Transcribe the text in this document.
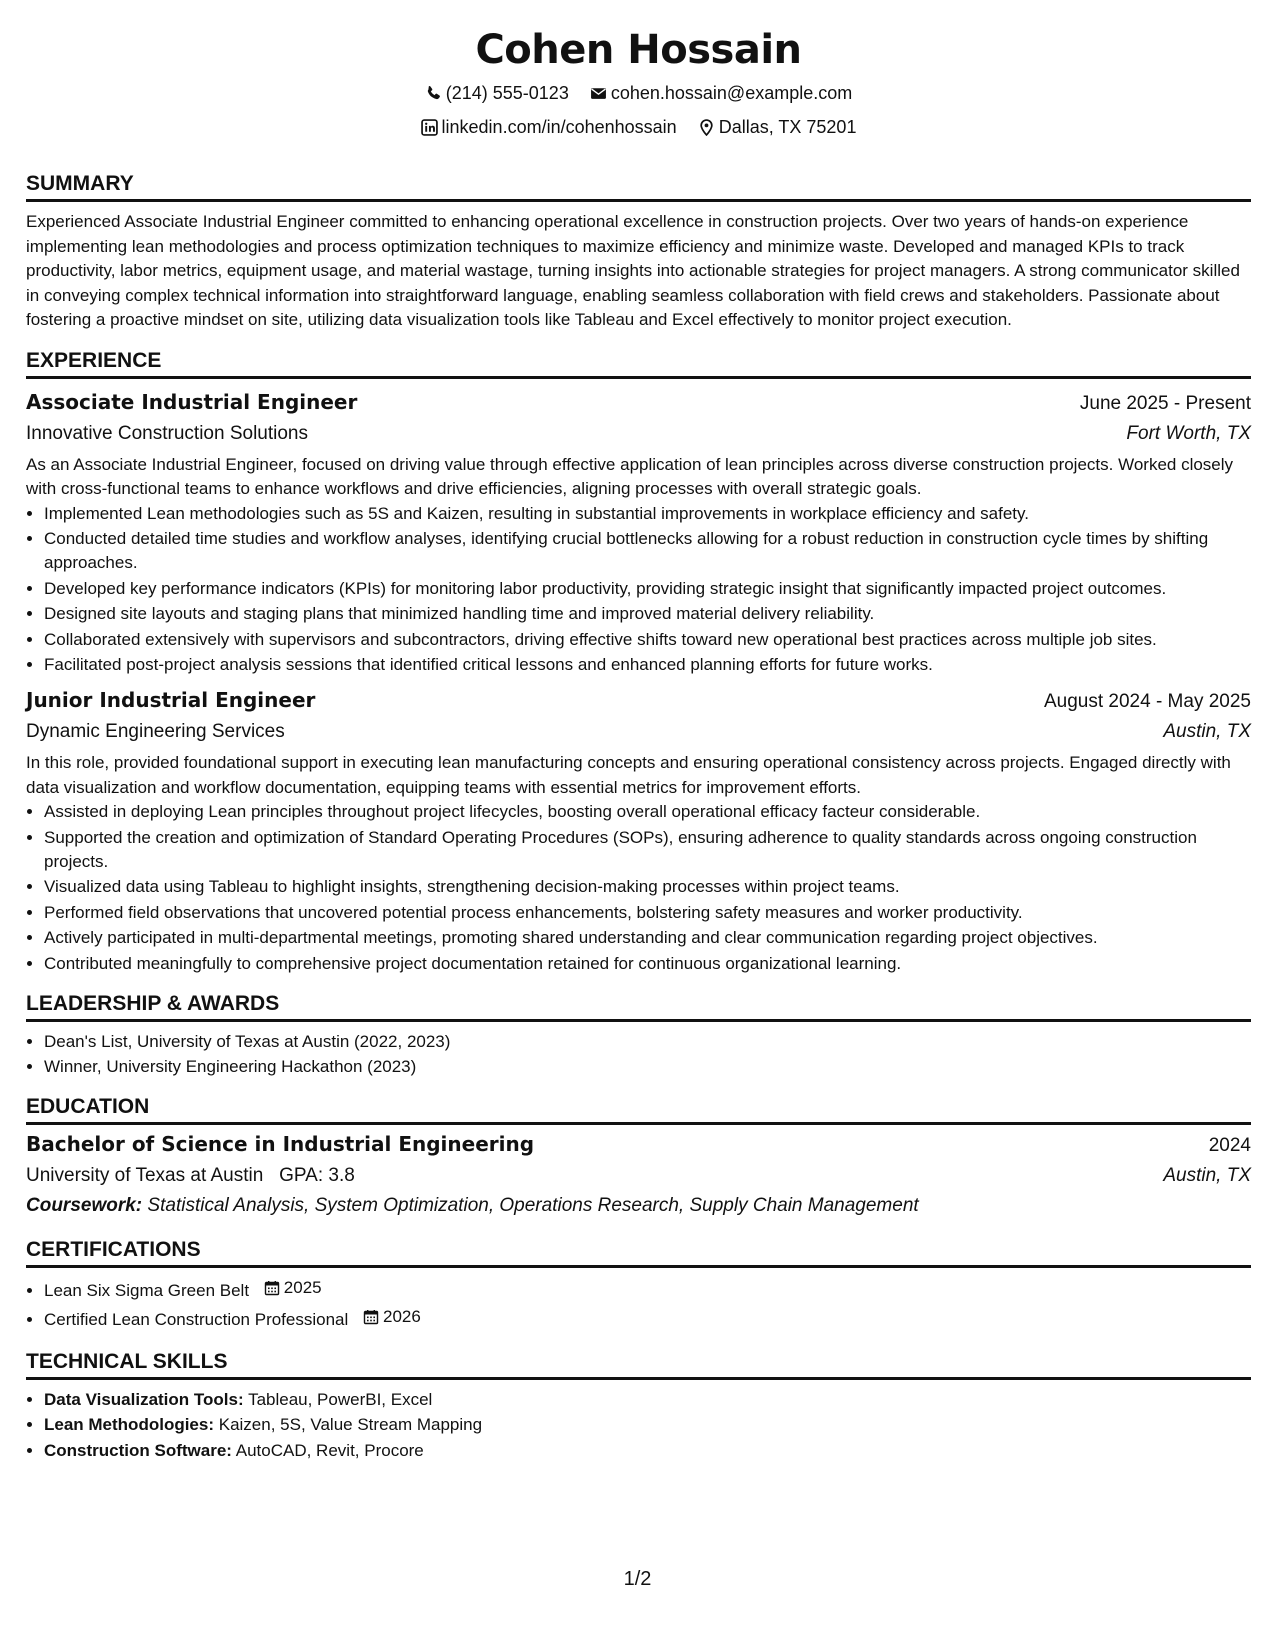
Cohen Hossain
(214) 555-0123
cohen.hossain@example.com
linkedin.com/in/cohenhossain
Dallas, TX 75201
SUMMARY

Experienced Associate Industrial Engineer committed to enhancing operational excellence in construction projects. Over two years of hands-on experience implementing lean methodologies and process optimization techniques to maximize efficiency and minimize waste. Developed and managed KPIs to track productivity, labor metrics, equipment usage, and material wastage, turning insights into actionable strategies for project managers. A strong communicator skilled in conveying complex technical information into straightforward language, enabling seamless collaboration with field crews and stakeholders. Passionate about fostering a proactive mindset on site, utilizing data visualization tools like Tableau and Excel effectively to monitor project execution.

EXPERIENCE
Associate Industrial Engineer	June 2025 - Present
Innovative Construction Solutions	Fort Worth, TX

As an Associate Industrial Engineer, focused on driving value through effective application of lean principles across diverse construction projects. Worked closely with cross-functional teams to enhance workflows and drive efficiencies, aligning processes with overall strategic goals.

• Implemented Lean methodologies such as 5S and Kaizen, resulting in substantial improvements in workplace efficiency and safety.
• Conducted detailed time studies and workflow analyses, identifying crucial bottlenecks allowing for a robust reduction in construction cycle times by shifting approaches.
• Developed key performance indicators (KPIs) for monitoring labor productivity, providing strategic insight that significantly impacted project outcomes.
• Designed site layouts and staging plans that minimized handling time and improved material delivery reliability.
• Collaborated extensively with supervisors and subcontractors, driving effective shifts toward new operational best practices across multiple job sites.
• Facilitated post-project analysis sessions that identified critical lessons and enhanced planning efforts for future works.
Junior Industrial Engineer	August 2024 - May 2025
Dynamic Engineering Services	Austin, TX

In this role, provided foundational support in executing lean manufacturing concepts and ensuring operational consistency across projects. Engaged directly with data visualization and workflow documentation, equipping teams with essential metrics for improvement efforts.

• Assisted in deploying Lean principles throughout project lifecycles, boosting overall operational efficacy facteur considerable.
• Supported the creation and optimization of Standard Operating Procedures (SOPs), ensuring adherence to quality standards across ongoing construction projects.
• Visualized data using Tableau to highlight insights, strengthening decision-making processes within project teams.
• Performed field observations that uncovered potential process enhancements, bolstering safety measures and worker productivity.
• Actively participated in multi-departmental meetings, promoting shared understanding and clear communication regarding project objectives.
• Contributed meaningfully to comprehensive project documentation retained for continuous organizational learning.
LEADERSHIP & AWARDS
• Dean's List, University of Texas at Austin (2022, 2023)
• Winner, University Engineering Hackathon (2023)
EDUCATION
Bachelor of Science in Industrial Engineering	2024
University of Texas at Austin GPA: 3.8	Austin, TX
Coursework: Statistical Analysis, System Optimization, Operations Research, Supply Chain Management
CERTIFICATIONS
• Lean Six Sigma Green Belt 2025
• Certified Lean Construction Professional 2026
TECHNICAL SKILLS
• Data Visualization Tools: Tableau, PowerBI, Excel
• Lean Methodologies: Kaizen, 5S, Value Stream Mapping
• Construction Software: AutoCAD, Revit, Procore
1/2
